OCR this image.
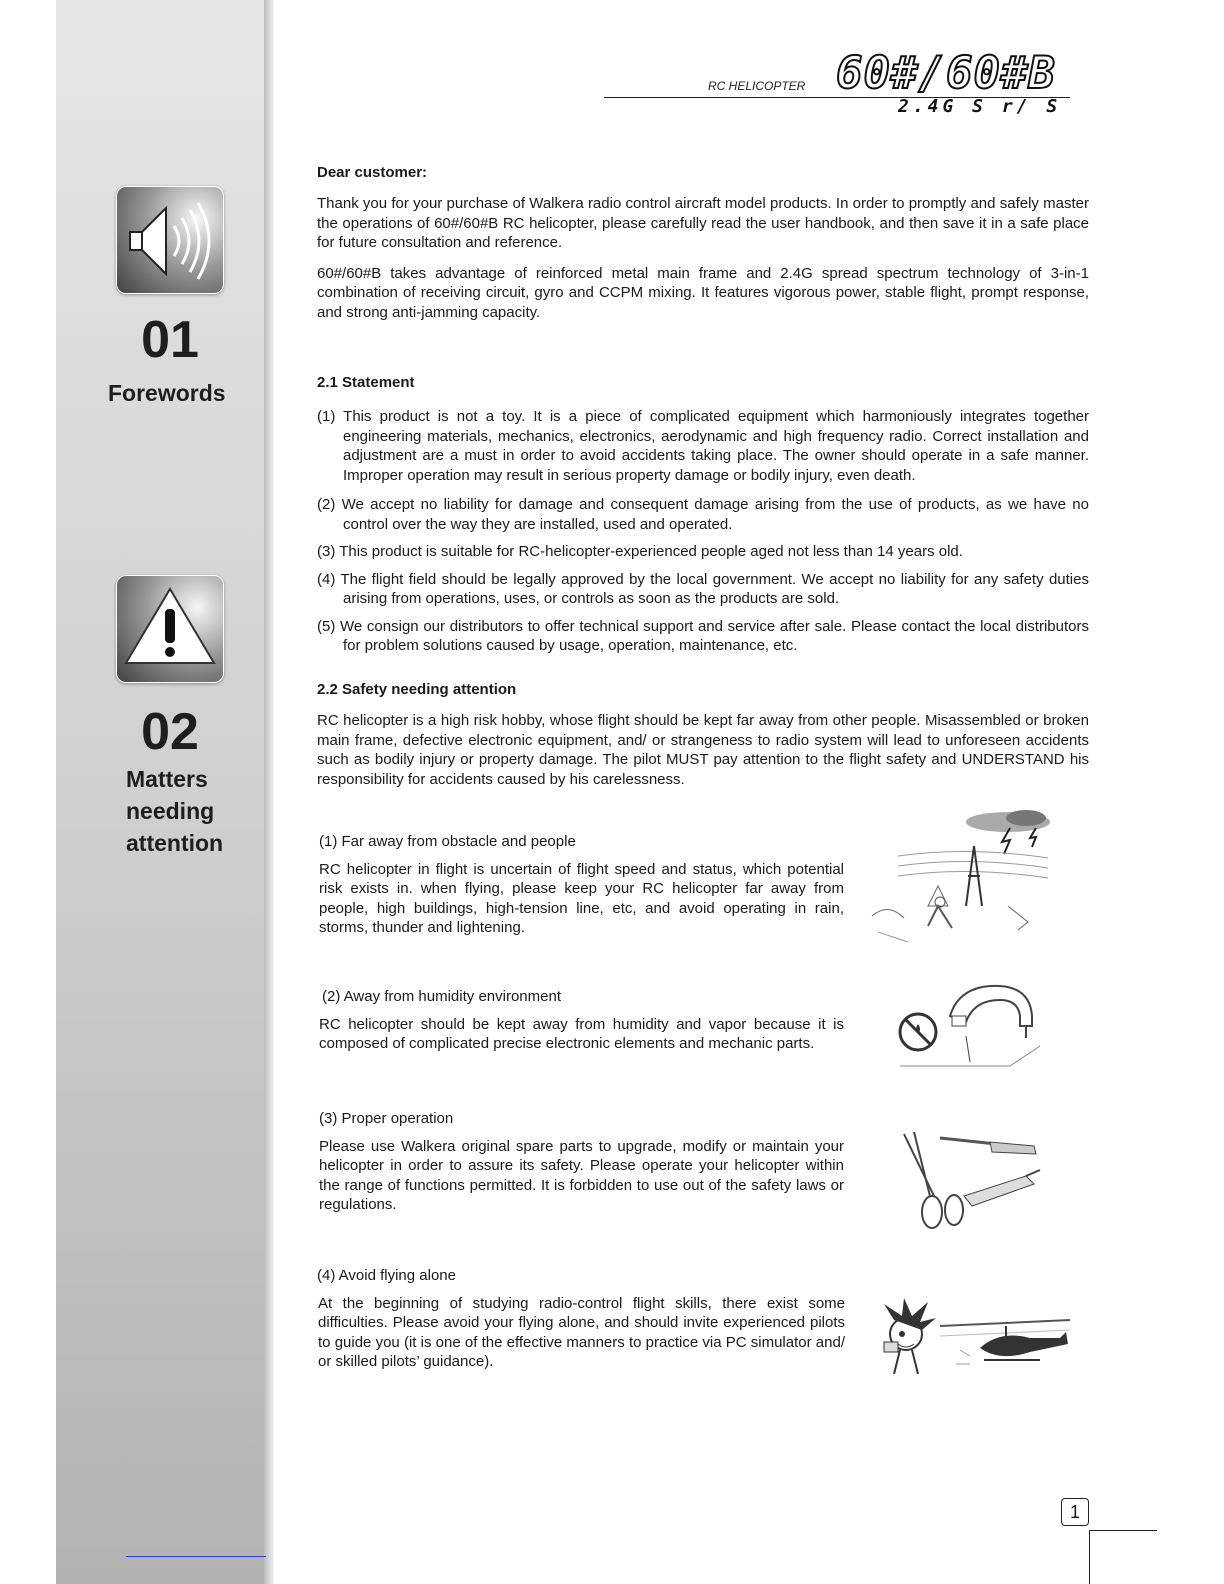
01
Forewords
02
Matters
needing
attention
RC HELICOPTER 60#/60#B
2.4G S r/ S

Dear customer:

Thank you for your purchase of Walkera radio control aircraft model products. In order to promptly and safely master the operations of 60#/60#B RC helicopter, please carefully read the user handbook, and then save it in a safe place for future consultation and reference.

60#/60#B takes advantage of reinforced metal main frame and 2.4G spread spectrum technology of 3-in-1 combination of receiving circuit, gyro and CCPM mixing. It features vigorous power, stable flight, prompt response, and strong anti-jamming capacity.

2.1 Statement

(1) This product is not a toy. It is a piece of complicated equipment which harmoniously integrates together engineering materials, mechanics, electronics, aerodynamic and high frequency radio. Correct installation and adjustment are a must in order to avoid accidents taking place. The owner should operate in a safe manner. Improper operation may result in serious property damage or bodily injury, even death.

(2) We accept no liability for damage and consequent damage arising from the use of products, as we have no control over the way they are installed, used and operated.

(3) This product is suitable for RC-helicopter-experienced people aged not less than 14 years old.

(4) The flight field should be legally approved by the local government. We accept no liability for any safety duties arising from operations, uses, or controls as soon as the products are sold.

(5) We consign our distributors to offer technical support and service after sale. Please contact the local distributors for problem solutions caused by usage, operation, maintenance, etc.

2.2 Safety needing attention

RC helicopter is a high risk hobby, whose flight should be kept far away from other people. Misassembled or broken main frame, defective electronic equipment, and/ or strangeness to radio system will lead to unforeseen accidents such as bodily injury or property damage. The pilot MUST pay attention to the flight safety and UNDERSTAND his responsibility for accidents caused by his carelessness.

(1) Far away from obstacle and people

RC helicopter in flight is uncertain of flight speed and status, which potential risk exists in. when flying, please keep your RC helicopter far away from people, high buildings, high-tension line, etc, and avoid operating in rain, storms, thunder and lightening.

(2) Away from humidity environment

RC helicopter should be kept away from humidity and vapor because it is composed of complicated precise electronic elements and mechanic parts.

(3) Proper operation

Please use Walkera original spare parts to upgrade, modify or maintain your helicopter in order to assure its safety. Please operate your helicopter within the range of functions permitted. It is forbidden to use out of the safety laws or regulations.

(4) Avoid flying alone

At the beginning of studying radio-control flight skills, there exist some difficulties. Please avoid your flying alone, and should invite experienced pilots to guide you (it is one of the effective manners to practice via PC simulator and/ or skilled pilots’ guidance).

1
